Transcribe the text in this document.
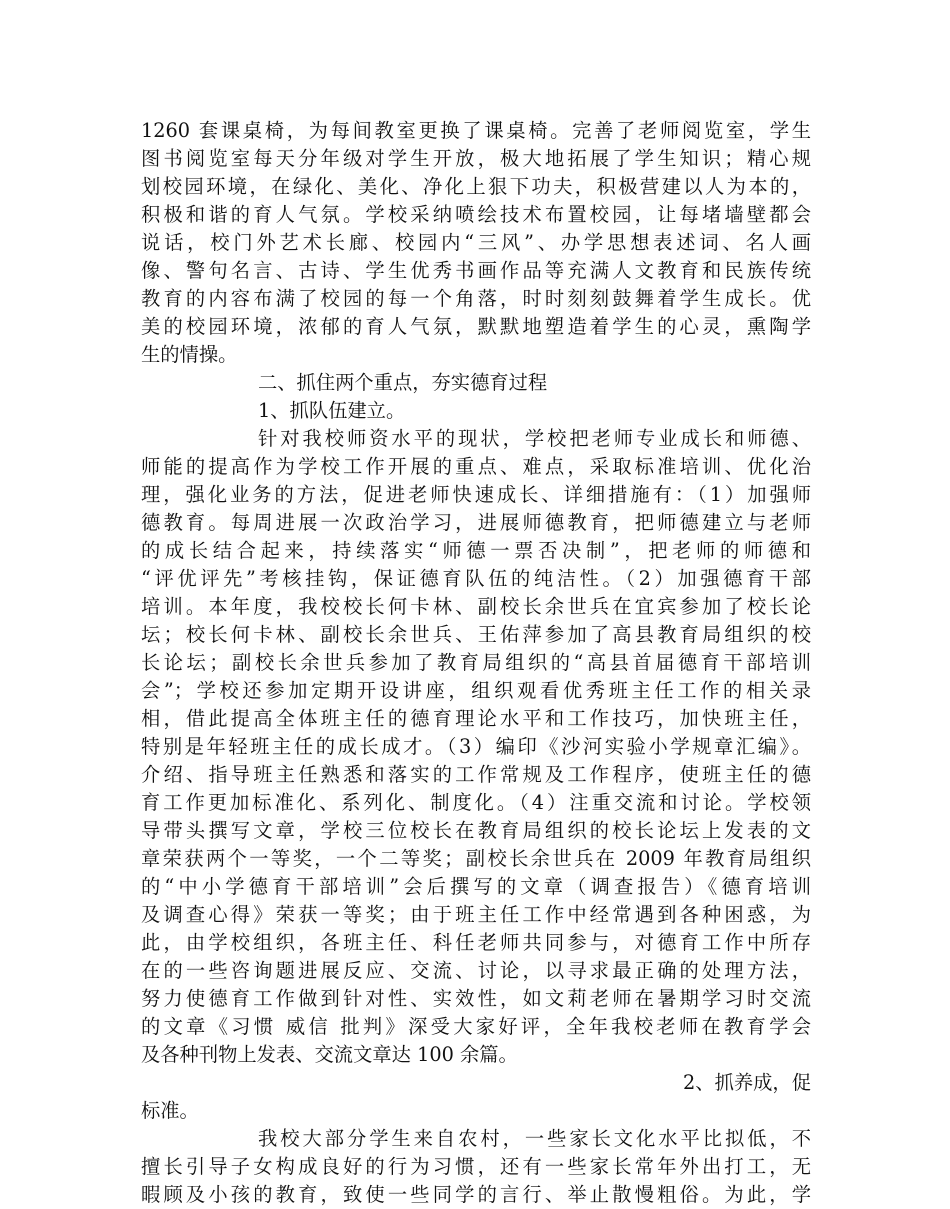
1260 套课桌椅，为每间教室更换了课桌椅。完善了老师阅览室，学生
图书阅览室每天分年级对学生开放，极大地拓展了学生知识；精心规
划校园环境，在绿化、美化、净化上狠下功夫，积极营建以人为本的，
积极和谐的育人气氛。学校采纳喷绘技术布置校园，让每堵墙壁都会
说话，校门外艺术长廊、校园内“三风”、办学思想表述词、名人画
像、警句名言、古诗、学生优秀书画作品等充满人文教育和民族传统
教育的内容布满了校园的每一个角落，时时刻刻鼓舞着学生成长。优
美的校园环境，浓郁的育人气氛，默默地塑造着学生的心灵，熏陶学
生的情操。
二、抓住两个重点，夯实德育过程
1、抓队伍建立。
针对我校师资水平的现状，学校把老师专业成长和师德、
师能的提高作为学校工作开展的重点、难点，采取标准培训、优化治
理，强化业务的方法，促进老师快速成长、详细措施有：（1）加强师
德教育。每周进展一次政治学习，进展师德教育，把师德建立与老师
的成长结合起来，持续落实“师德一票否决制”，把老师的师德和
“评优评先”考核挂钩，保证德育队伍的纯洁性。（2）加强德育干部
培训。本年度，我校校长何卡林、副校长余世兵在宜宾参加了校长论
坛；校长何卡林、副校长余世兵、王佑萍参加了高县教育局组织的校
长论坛；副校长余世兵参加了教育局组织的“高县首届德育干部培训
会”；学校还参加定期开设讲座，组织观看优秀班主任工作的相关录
相，借此提高全体班主任的德育理论水平和工作技巧，加快班主任，
特别是年轻班主任的成长成才。（3）编印《沙河实验小学规章汇编》。
介绍、指导班主任熟悉和落实的工作常规及工作程序，使班主任的德
育工作更加标准化、系列化、制度化。（4）注重交流和讨论。学校领
导带头撰写文章，学校三位校长在教育局组织的校长论坛上发表的文
章荣获两个一等奖，一个二等奖；副校长余世兵在 2009 年教育局组织
的“中小学德育干部培训”会后撰写的文章（调查报告）《德育培训
及调查心得》荣获一等奖；由于班主任工作中经常遇到各种困惑，为
此，由学校组织，各班主任、科任老师共同参与，对德育工作中所存
在的一些咨询题进展反应、交流、讨论，以寻求最正确的处理方法，
努力使德育工作做到针对性、实效性，如文莉老师在暑期学习时交流
的文章《习惯 威信 批判》深受大家好评，全年我校老师在教育学会
及各种刊物上发表、交流文章达 100 余篇。
2、抓养成，促
标准。
我校大部分学生来自农村，一些家长文化水平比拟低，不
擅长引导子女构成良好的行为习惯，还有一些家长常年外出打工，无
暇顾及小孩的教育，致使一些同学的言行、举止散慢粗俗。为此，学
